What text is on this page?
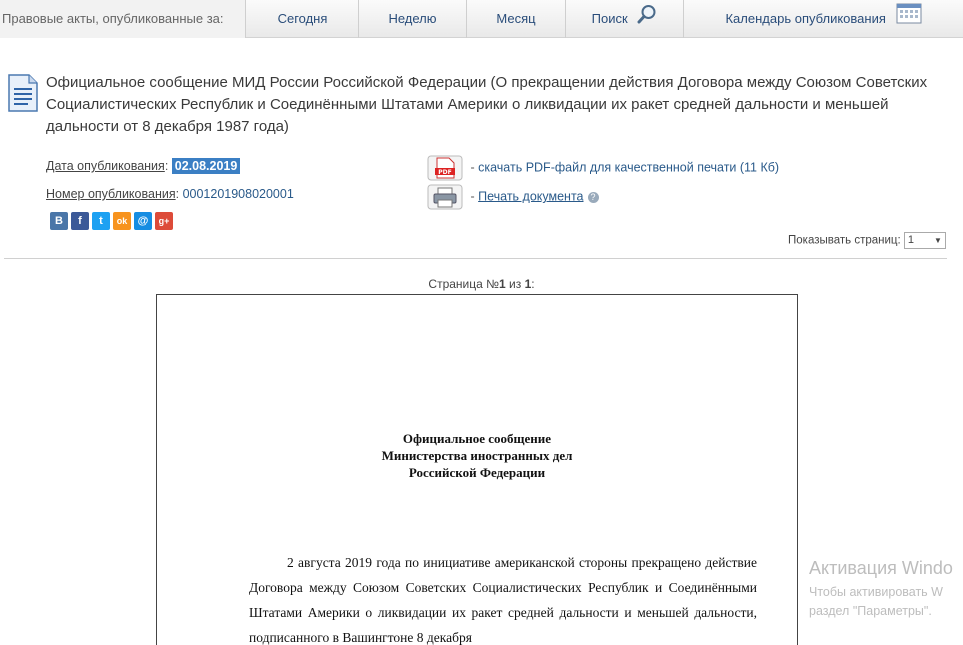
Правовые акты, опубликованные за:	Сегодня	Неделю	Месяц	Поиск	Календарь опубликования
Официальное сообщение МИД России Российской Федерации (О прекращении действия Договора между Союзом Советских Социалистических Республик и Соединёнными Штатами Америки о ликвидации их ракет средней дальности и меньшей дальности от 8 декабря 1987 года)
Дата опубликования: 02.08.2019
Номер опубликования: 0001201908020001
В	f	t	ok @	g+
PDF - скачать PDF-файл для качественной печати (11 Кб)
- Печать документа ?
Показывать страниц: 1 ▼
Страница №1 из 1:
Официальное сообщение
Министерства иностранных дел
Российской Федерации
2 августа 2019 года по инициативе американской стороны прекращено действие Договора между Союзом Советских Социалистических Республик и Соединёнными Штатами Америки о ликвидации их ракет средней дальности и меньшей дальности, подписанного в Вашингтоне 8 декабря
Активация Windo
Чтобы активировать W
раздел "Параметры".
